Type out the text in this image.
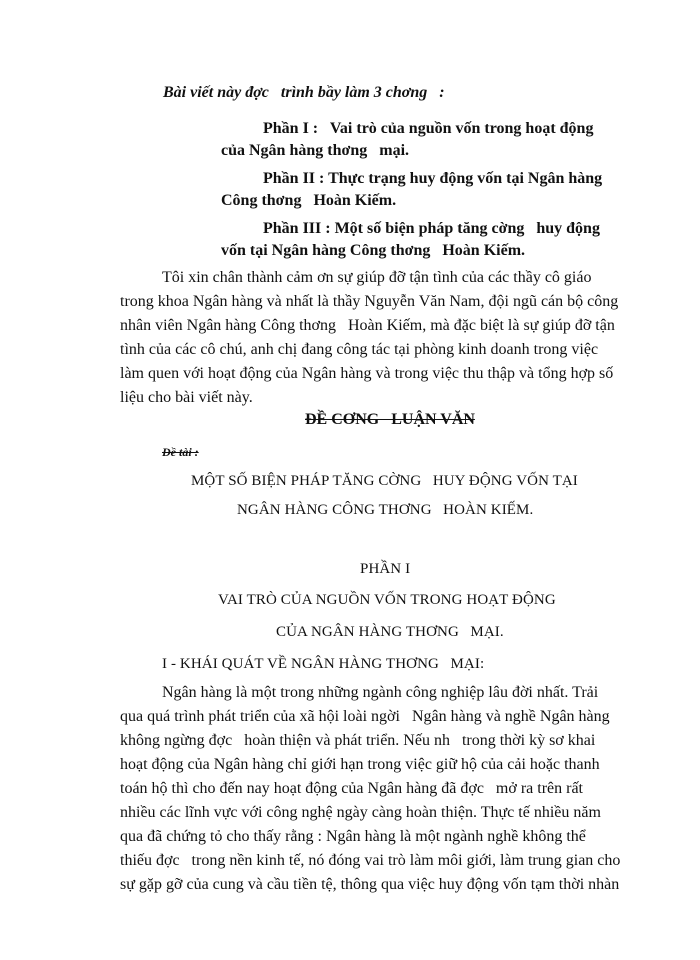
Bài viết này đợc   trình bầy làm 3 chơng   :
Phần I :   Vai trò của nguồn vốn trong hoạt động
của Ngân hàng thơng   mại.
Phần II : Thực trạng huy động vốn tại Ngân hàng
Công thơng   Hoàn Kiếm.
Phần III : Một số biện pháp tăng cờng   huy động
vốn tại Ngân hàng Công thơng   Hoàn Kiếm.
Tôi xin chân thành cảm ơn sự giúp đỡ tận tình của các thầy cô giáo
trong khoa Ngân hàng và nhất là thầy Nguyễn Văn Nam, đội ngũ cán bộ công
nhân viên Ngân hàng Công thơng   Hoàn Kiếm, mà đặc biệt là sự giúp đỡ tận
tình của các cô chú, anh chị đang công tác tại phòng kinh doanh trong việc
làm quen với hoạt động của Ngân hàng và trong việc thu thập và tổng hợp số
liệu cho bài viết này.
ĐỀ CƠNG   LUẬN VĂN
Đề tài :
MỘT SỐ BIỆN PHÁP TĂNG CỜNG   HUY ĐỘNG VỐN TẠI
NGÂN HÀNG CÔNG THƠNG   HOÀN KIẾM.
PHẦN I
VAI TRÒ CỦA NGUỒN VỐN TRONG HOẠT ĐỘNG
CỦA NGÂN HÀNG THƠNG   MẠI.
I - KHÁI QUÁT VỀ NGÂN HÀNG THƠNG   MẠI:
Ngân hàng là một trong những ngành công nghiệp lâu đời nhất. Trải
qua quá trình phát triển của xã hội loài ngời   Ngân hàng và nghề Ngân hàng
không ngừng đợc   hoàn thiện và phát triển. Nếu nh   trong thời kỳ sơ khai
hoạt động của Ngân hàng chỉ giới hạn trong việc giữ hộ của cải hoặc thanh
toán hộ thì cho đến nay hoạt động của Ngân hàng đã đợc   mở ra trên rất
nhiều các lĩnh vực với công nghệ ngày càng hoàn thiện. Thực tế nhiều năm
qua đã chứng tỏ cho thấy rằng : Ngân hàng là một ngành nghề không thể
thiếu đợc   trong nền kinh tế, nó đóng vai trò làm môi giới, làm trung gian cho
sự gặp gỡ của cung và cầu tiền tệ, thông qua việc huy động vốn tạm thời nhàn
